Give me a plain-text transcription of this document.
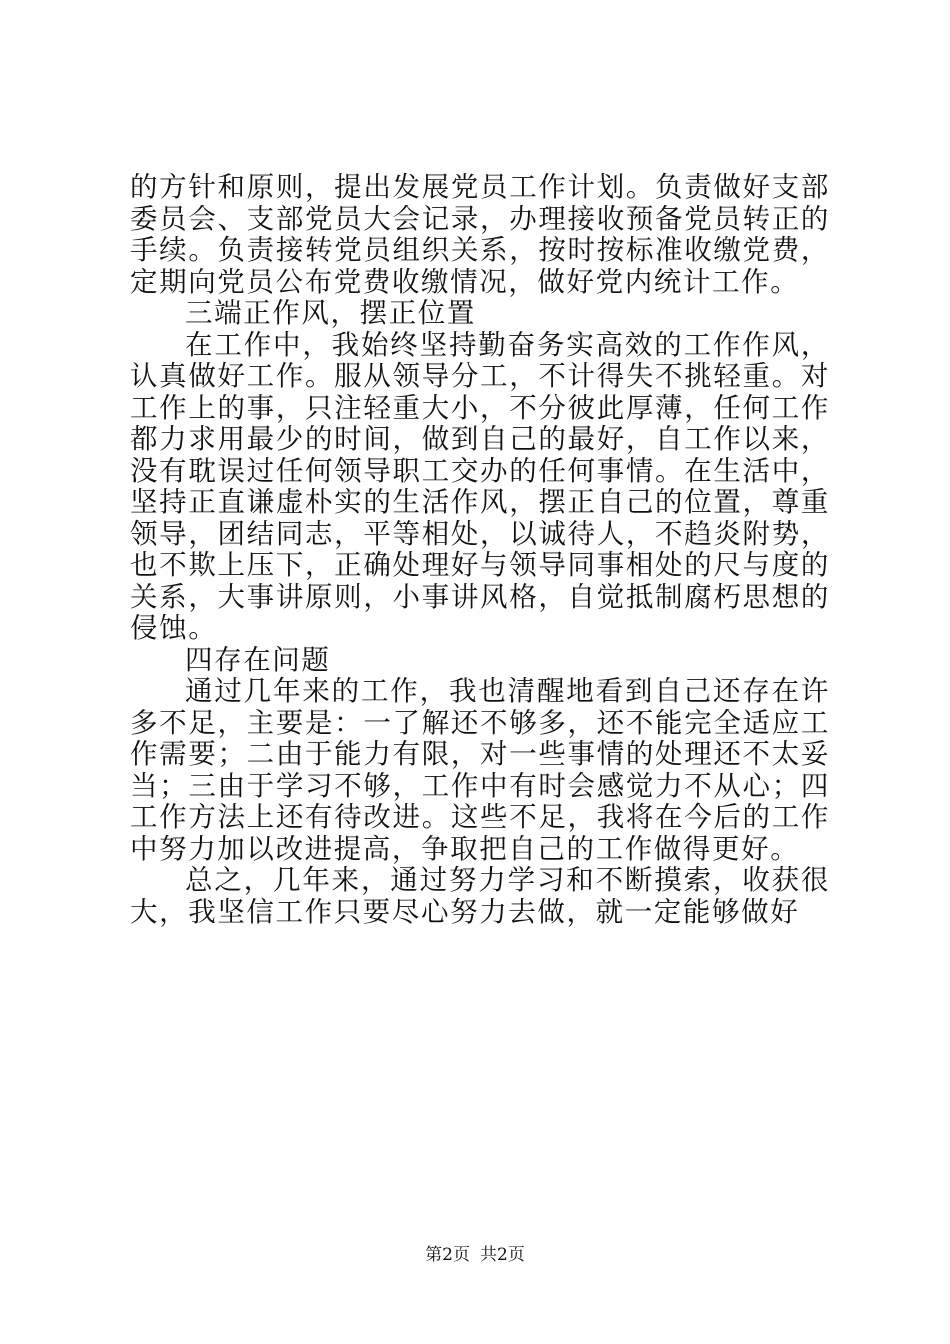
的方针和原则，提出发展党员工作计划。负责做好支部委员会、支部党员大会记录，办理接收预备党员转正的手续。负责接转党员组织关系，按时按标准收缴党费，定期向党员公布党费收缴情况，做好党内统计工作。

三端正作风，摆正位置

在工作中，我始终坚持勤奋务实高效的工作作风，认真做好工作。服从领导分工，不计得失不挑轻重。对工作上的事，只注轻重大小，不分彼此厚薄，任何工作都力求用最少的时间，做到自己的最好，自工作以来，没有耽误过任何领导职工交办的任何事情。在生活中，坚持正直谦虚朴实的生活作风，摆正自己的位置，尊重领导，团结同志，平等相处，以诚待人，不趋炎附势，也不欺上压下，正确处理好与领导同事相处的尺与度的关系，大事讲原则，小事讲风格，自觉抵制腐朽思想的侵蚀。

四存在问题

通过几年来的工作，我也清醒地看到自己还存在许多不足，主要是：一了解还不够多，还不能完全适应工作需要；二由于能力有限，对一些事情的处理还不太妥当；三由于学习不够，工作中有时会感觉力不从心；四工作方法上还有待改进。这些不足，我将在今后的工作中努力加以改进提高，争取把自己的工作做得更好。

总之，几年来，通过努力学习和不断摸索，收获很大，我坚信工作只要尽心努力去做，就一定能够做好

第2页 共2页
